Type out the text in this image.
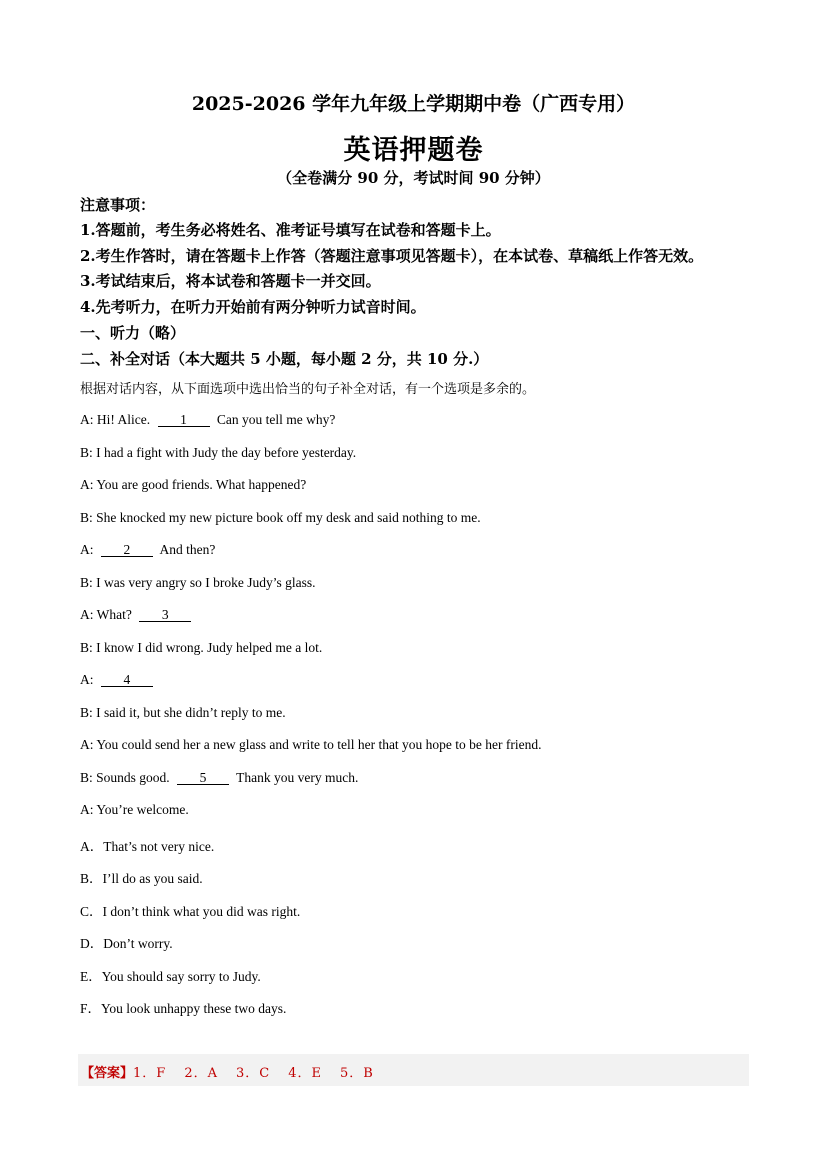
2025-2026 学年九年级上学期期中卷（广西专用）
英语押题卷
（全卷满分 90 分，考试时间 90 分钟）
注意事项：
1.答题前，考生务必将姓名、准考证号填写在试卷和答题卡上。
2.考生作答时，请在答题卡上作答（答题注意事项见答题卡），在本试卷、草稿纸上作答无效。
3.考试结束后，将本试卷和答题卡一并交回。
4.先考听力，在听力开始前有两分钟听力试音时间。
一、听力（略）
二、补全对话（本大题共 5 小题，每小题 2 分，共 10 分.）
根据对话内容，从下面选项中选出恰当的句子补全对话，有一个选项是多余的。
A: Hi! Alice. 1 Can you tell me why?
B: I had a fight with Judy the day before yesterday.
A: You are good friends. What happened?
B: She knocked my new picture book off my desk and said nothing to me.
A: 2 And then?
B: I was very angry so I broke Judy’s glass.
A: What? 3
B: I know I did wrong. Judy helped me a lot.
A: 4
B: I said it, but she didn’t reply to me.
A: You could send her a new glass and write to tell her that you hope to be her friend.
B: Sounds good. 5 Thank you very much.
A: You’re welcome.
A．That’s not very nice.
B．I’ll do as you said.
C．I don’t think what you did was right.
D．Don’t worry.
E．You should say sorry to Judy.
F．You look unhappy these two days.
【答案】1．F 2．A 3．C 4．E 5．B
